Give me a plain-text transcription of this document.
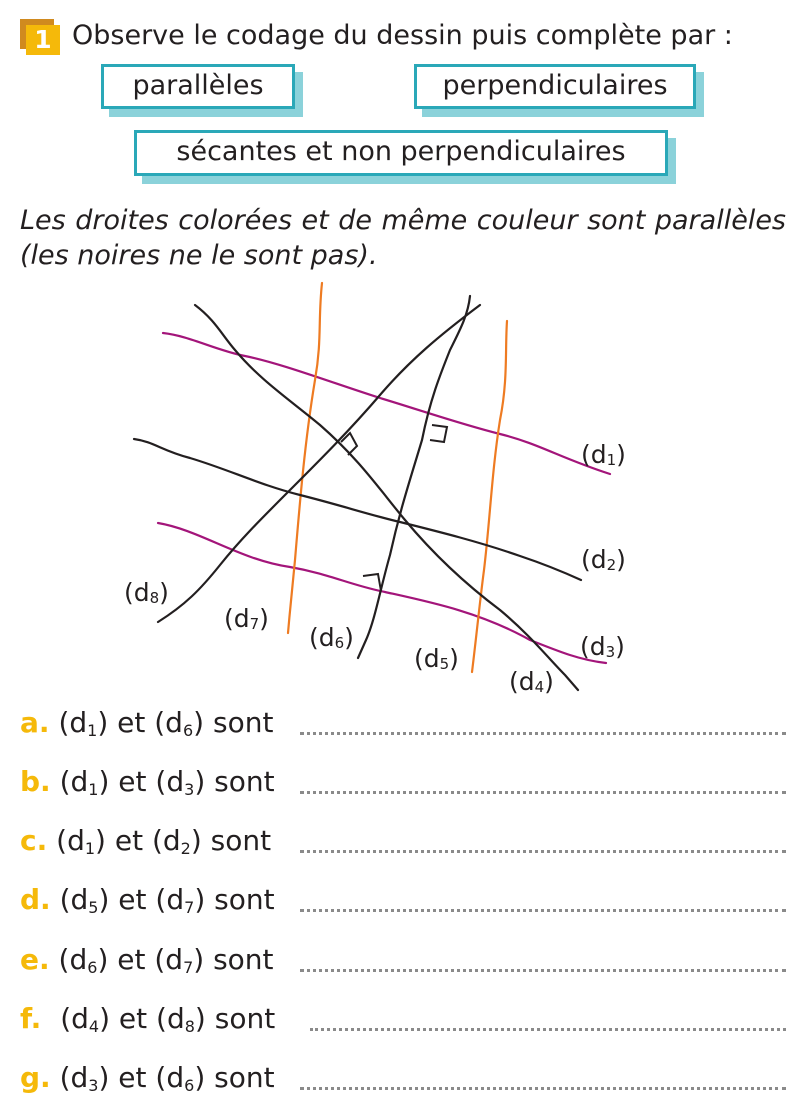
1 Observe le codage du dessin puis complète par :
parallèles	perpendiculaires
sécantes et non perpendiculaires
Les droites colorées et de même couleur sont parallèles (les noires ne le sont pas).
(d1)
(d2)
(d3)
(d4)
(d5)
(d6)
(d7)
(d8)
a. $(d_1)$ et $(d_6)$ sont
b. $(d_1)$ et $(d_3)$ sont
c. $(d_1)$ et $(d_2)$ sont
d. $(d_5)$ et $(d_7)$ sont
e. $(d_6)$ et $(d_7)$ sont
f. $(d_4)$ et $(d_8)$ sont
g. $(d_3)$ et $(d_6)$ sont
